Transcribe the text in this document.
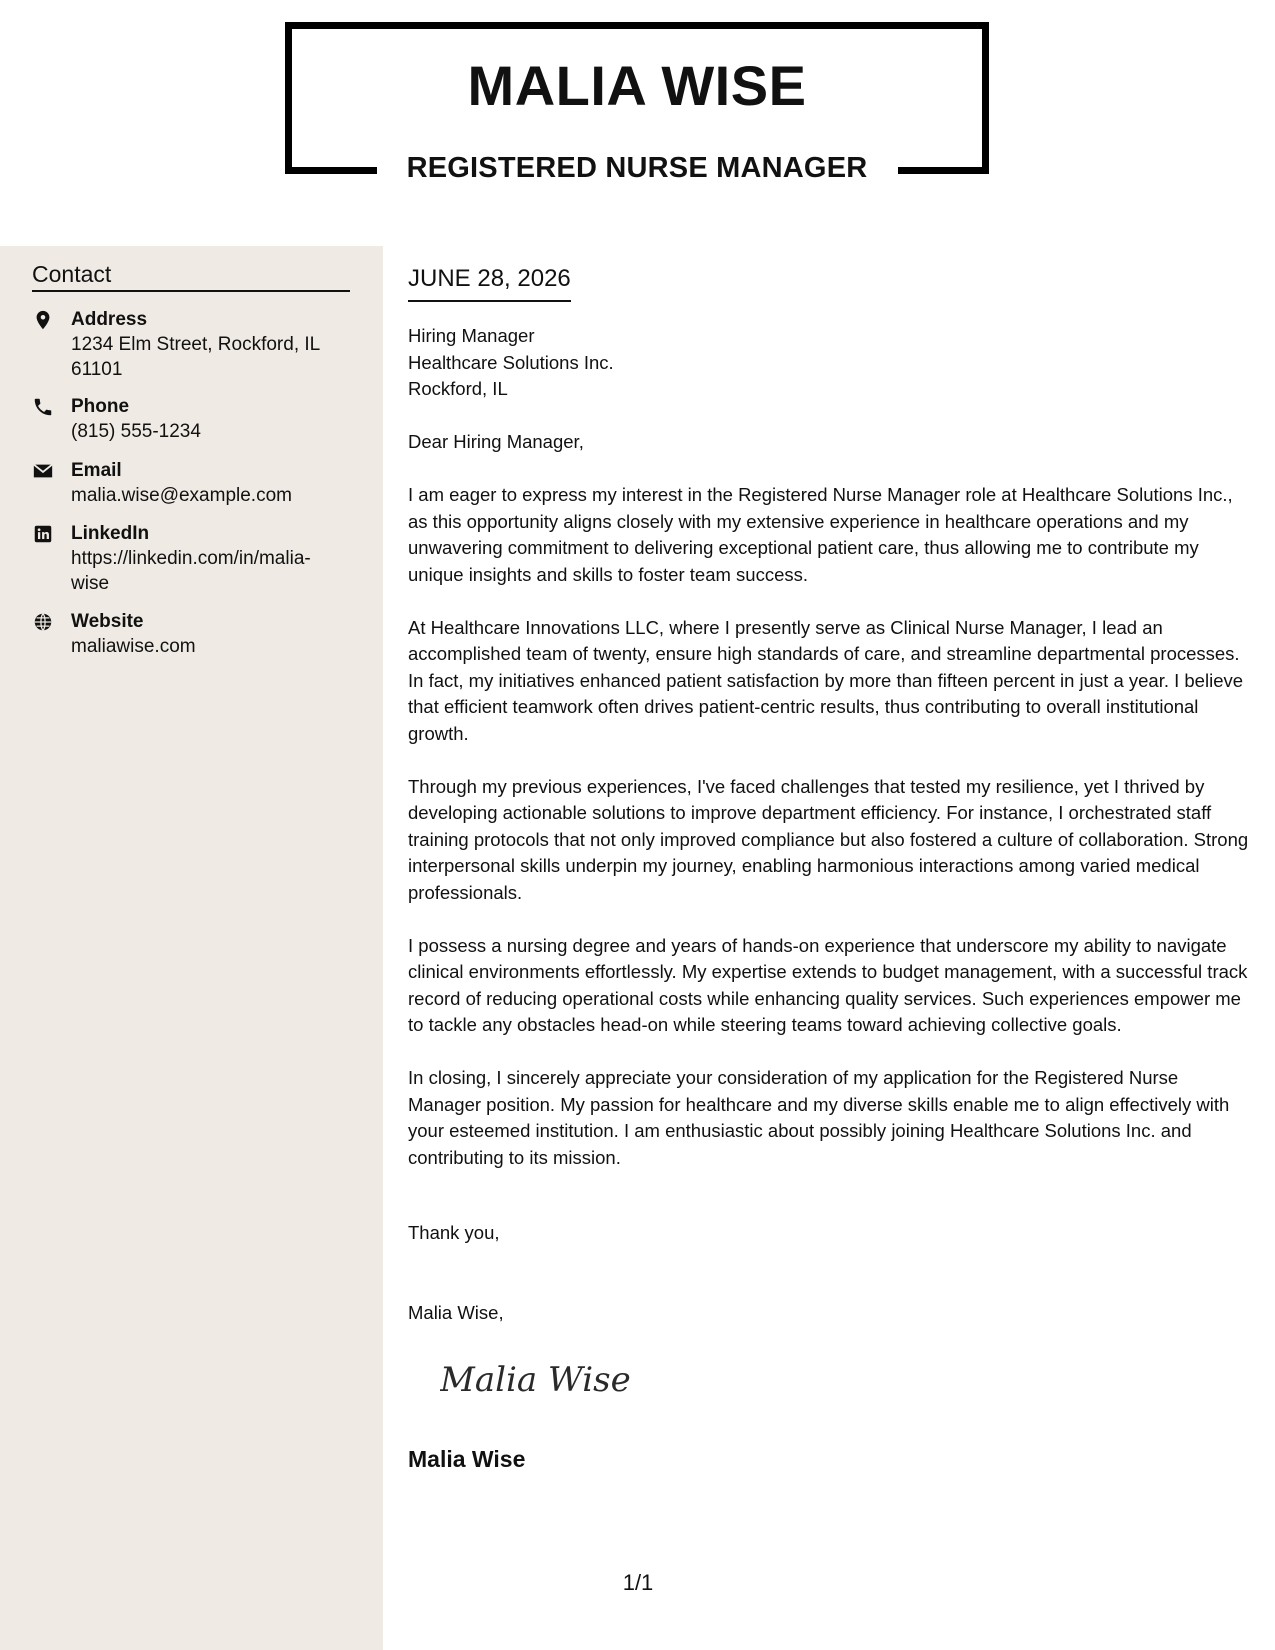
MALIA WISE
REGISTERED NURSE MANAGER
Contact
Address
1234 Elm Street, Rockford, IL 61101
Phone
(815) 555-1234
Email
malia.wise@example.com
LinkedIn
https://linkedin.com/in/malia-wise
Website
maliawise.com
JUNE 28, 2026
Hiring Manager
Healthcare Solutions Inc.
Rockford, IL

Dear Hiring Manager,

I am eager to express my interest in the Registered Nurse Manager role at Healthcare Solutions Inc., as this opportunity aligns closely with my extensive experience in healthcare operations and my unwavering commitment to delivering exceptional patient care, thus allowing me to contribute my unique insights and skills to foster team success.

At Healthcare Innovations LLC, where I presently serve as Clinical Nurse Manager, I lead an accomplished team of twenty, ensure high standards of care, and streamline departmental processes. In fact, my initiatives enhanced patient satisfaction by more than fifteen percent in just a year. I believe that efficient teamwork often drives patient-centric results, thus contributing to overall institutional growth.

Through my previous experiences, I've faced challenges that tested my resilience, yet I thrived by developing actionable solutions to improve department efficiency. For instance, I orchestrated staff training protocols that not only improved compliance but also fostered a culture of collaboration. Strong interpersonal skills underpin my journey, enabling harmonious interactions among varied medical professionals.

I possess a nursing degree and years of hands-on experience that underscore my ability to navigate clinical environments effortlessly. My expertise extends to budget management, with a successful track record of reducing operational costs while enhancing quality services. Such experiences empower me to tackle any obstacles head-on while steering teams toward achieving collective goals.

In closing, I sincerely appreciate your consideration of my application for the Registered Nurse Manager position. My passion for healthcare and my diverse skills enable me to align effectively with your esteemed institution. I am enthusiastic about possibly joining Healthcare Solutions Inc. and contributing to its mission.

Thank you,
Malia Wise,
Malia Wise
Malia Wise
1/1
